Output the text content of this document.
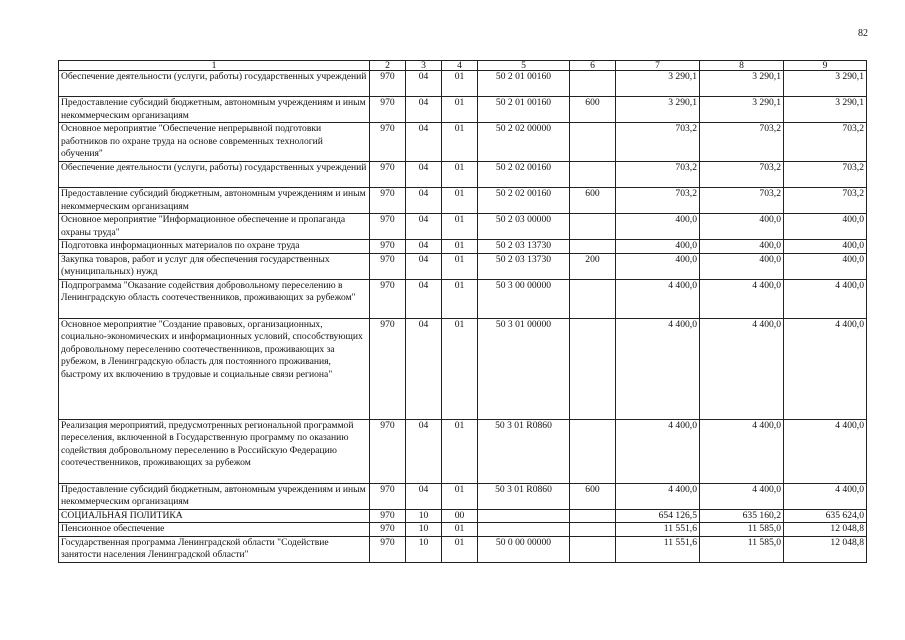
82
1	2	3	4	5	6	7	8	9
Обеспечение деятельности (услуги, работы) государственных учреждений	970	04	01	50 2 01 00160		3 290,1	3 290,1	3 290,1
Предоставление субсидий бюджетным, автономным учреждениям и иным некоммерческим организациям	970	04	01	50 2 01 00160	600	3 290,1	3 290,1	3 290,1
Основное мероприятие "Обеспечение непрерывной подготовки работников по охране труда на основе современных технологий обучения"	970	04	01	50 2 02 00000		703,2	703,2	703,2
Обеспечение деятельности (услуги, работы) государственных учреждений	970	04	01	50 2 02 00160		703,2	703,2	703,2
Предоставление субсидий бюджетным, автономным учреждениям и иным некоммерческим организациям	970	04	01	50 2 02 00160	600	703,2	703,2	703,2
Основное мероприятие "Информационное обеспечение и пропаганда охраны труда"	970	04	01	50 2 03 00000		400,0	400,0	400,0
Подготовка информационных материалов по охране труда	970	04	01	50 2 03 13730		400,0	400,0	400,0
Закупка товаров, работ и услуг для обеспечения государственных (муниципальных) нужд	970	04	01	50 2 03 13730	200	400,0	400,0	400,0
Подпрограмма "Оказание содействия добровольному переселению в Ленинградскую область соотечественников, проживающих за рубежом"	970	04	01	50 3 00 00000		4 400,0	4 400,0	4 400,0
Основное мероприятие "Создание правовых, организационных, социально-экономических и информационных условий, способствующих добровольному переселению соотечественников, проживающих за рубежом, в Ленинградскую область для постоянного проживания, быстрому их включению в трудовые и социальные связи региона"	970	04	01	50 3 01 00000		4 400,0	4 400,0	4 400,0
Реализация мероприятий, предусмотренных региональной программой переселения, включенной в Государственную программу по оказанию содействия добровольному переселению в Российскую Федерацию соотечественников, проживающих за рубежом	970	04	01	50 3 01 R0860		4 400,0	4 400,0	4 400,0
Предоставление субсидий бюджетным, автономным учреждениям и иным некоммерческим организациям	970	04	01	50 3 01 R0860	600	4 400,0	4 400,0	4 400,0
СОЦИАЛЬНАЯ ПОЛИТИКА	970	10	00			654 126,5	635 160,2	635 624,0
Пенсионное обеспечение	970	10	01			11 551,6	11 585,0	12 048,8
Государственная программа Ленинградской области "Содействие занятости населения Ленинградской области"	970	10	01	50 0 00 00000		11 551,6	11 585,0	12 048,8
